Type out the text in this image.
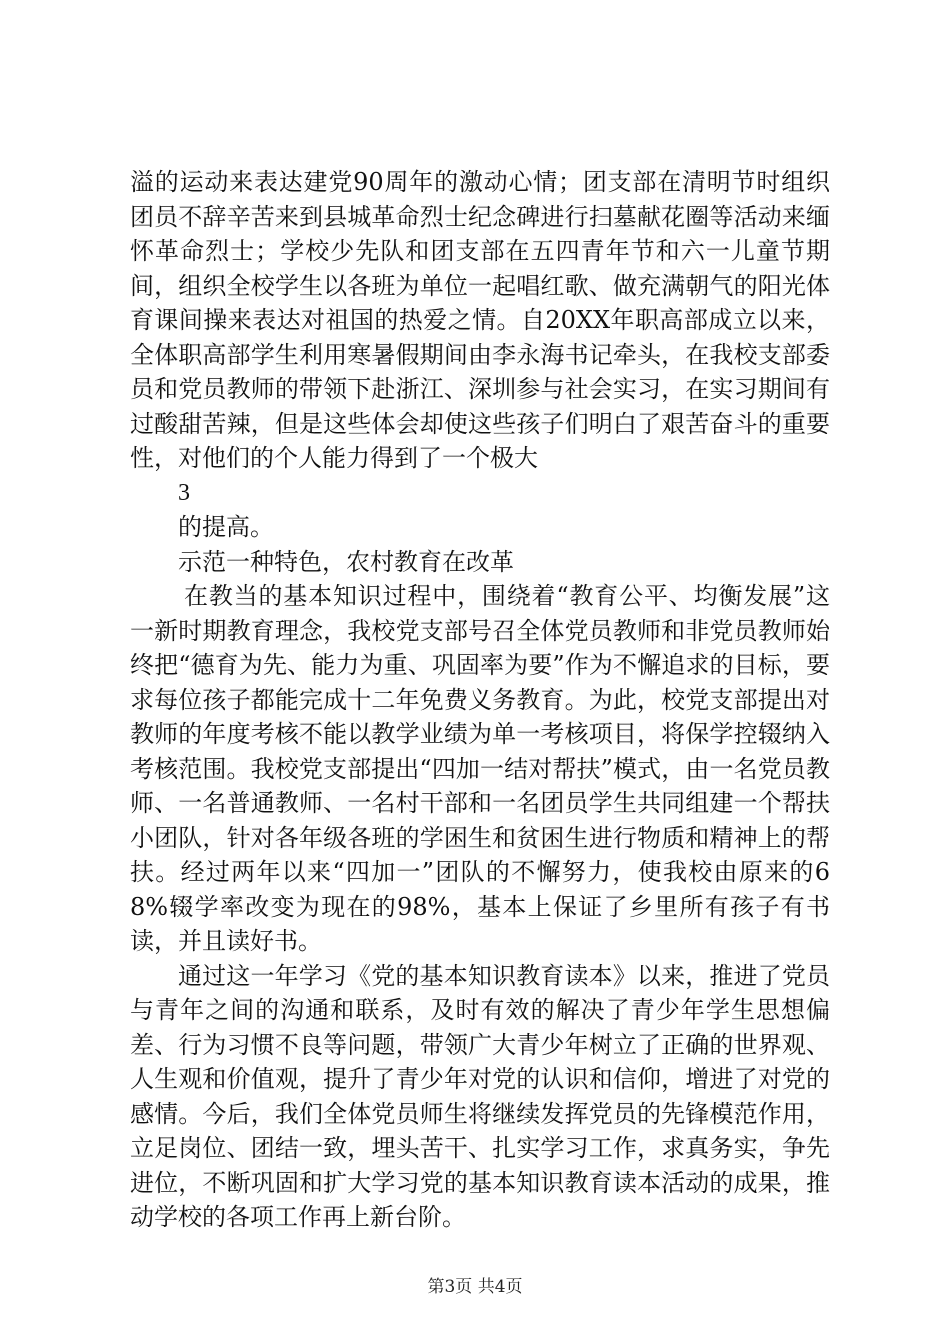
溢的运动来表达建党90周年的激动心情；团支部在清明节时组织团员不辞辛苦来到县城革命烈士纪念碑进行扫墓献花圈等活动来缅怀革命烈士；学校少先队和团支部在五四青年节和六一儿童节期间，组织全校学生以各班为单位一起唱红歌、做充满朝气的阳光体育课间操来表达对祖国的热爱之情。自20XX年职高部成立以来，全体职高部学生利用寒暑假期间由李永海书记牵头，在我校支部委员和党员教师的带领下赴浙江、深圳参与社会实习，在实习期间有过酸甜苦辣，但是这些体会却使这些孩子们明白了艰苦奋斗的重要性，对他们的个人能力得到了一个极大

3

的提高。

示范一种特色，农村教育在改革

在教当的基本知识过程中，围绕着“教育公平、均衡发展”这一新时期教育理念，我校党支部号召全体党员教师和非党员教师始终把“德育为先、能力为重、巩固率为要”作为不懈追求的目标，要求每位孩子都能完成十二年免费义务教育。为此，校党支部提出对教师的年度考核不能以教学业绩为单一考核项目，将保学控辍纳入考核范围。我校党支部提出“四加一结对帮扶”模式，由一名党员教师、一名普通教师、一名村干部和一名团员学生共同组建一个帮扶小团队，针对各年级各班的学困生和贫困生进行物质和精神上的帮扶。经过两年以来“四加一”团队的不懈努力，使我校由原来的68%辍学率改变为现在的98%，基本上保证了乡里所有孩子有书读，并且读好书。

通过这一年学习《党的基本知识教育读本》以来，推进了党员与青年之间的沟通和联系，及时有效的解决了青少年学生思想偏差、行为习惯不良等问题，带领广大青少年树立了正确的世界观、人生观和价值观，提升了青少年对党的认识和信仰，增进了对党的感情。今后，我们全体党员师生将继续发挥党员的先锋模范作用，立足岗位、团结一致，埋头苦干、扎实学习工作，求真务实，争先进位，不断巩固和扩大学习党的基本知识教育读本活动的成果，推动学校的各项工作再上新台阶。

第3页 共4页
